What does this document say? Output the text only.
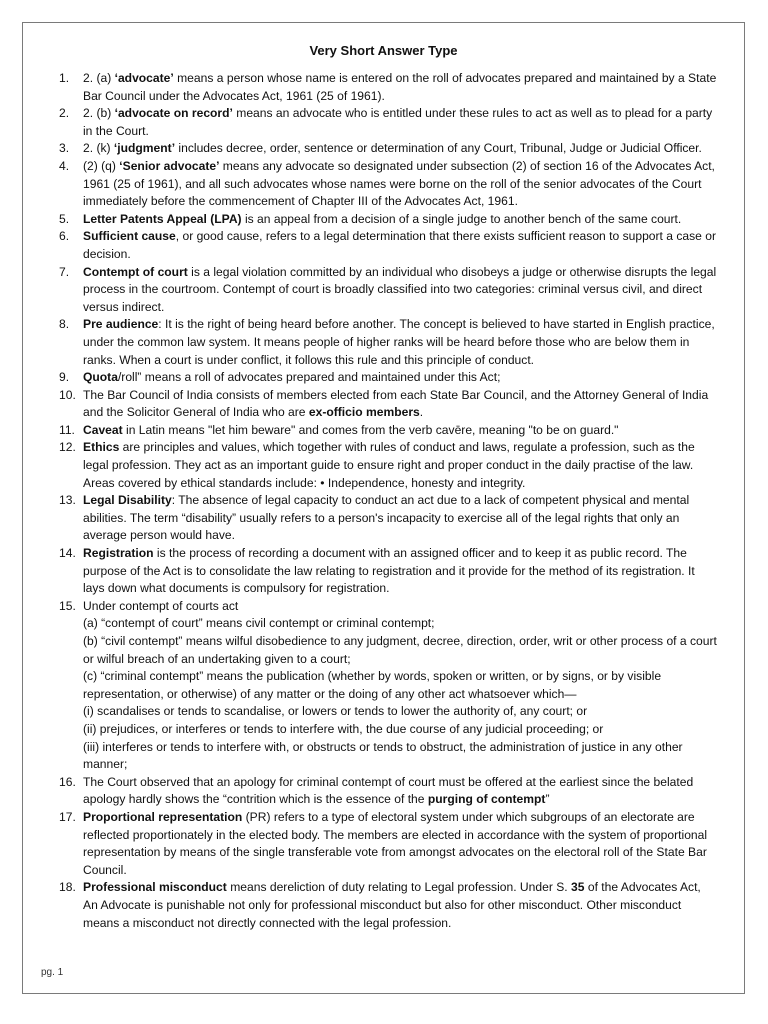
Very Short Answer Type
1.	2. (a) ‘advocate’ means a person whose name is entered on the roll of advocates prepared and maintained by a State Bar Council under the Advocates Act, 1961 (25 of 1961).
2.	2. (b) ‘advocate on record’ means an advocate who is entitled under these rules to act as well as to plead for a party in the Court.
3.	2. (k) ‘judgment’ includes decree, order, sentence or determination of any Court, Tribunal, Judge or Judicial Officer.
4.	(2) (q) ‘Senior advocate’ means any advocate so designated under subsection (2) of section 16 of the Advocates Act, 1961 (25 of 1961), and all such advocates whose names were borne on the roll of the senior advocates of the Court immediately before the commencement of Chapter III of the Advocates Act, 1961.
5.	Letter Patents Appeal (LPA) is an appeal from a decision of a single judge to another bench of the same court.
6.	Sufficient cause, or good cause, refers to a legal determination that there exists sufficient reason to support a case or decision.
7.	Contempt of court is a legal violation committed by an individual who disobeys a judge or otherwise disrupts the legal process in the courtroom. Contempt of court is broadly classified into two categories: criminal versus civil, and direct versus indirect.
8.	Pre audience: It is the right of being heard before another. The concept is believed to have started in English practice, under the common law system. It means people of higher ranks will be heard before those who are below them in ranks. When a court is under conflict, it follows this rule and this principle of conduct.
9.	Quota/roll” means a roll of advocates prepared and maintained under this Act;
10. The Bar Council of India consists of members elected from each State Bar Council, and the Attorney General of India and the Solicitor General of India who are ex-officio members.
11. Caveat in Latin means "let him beware" and comes from the verb cavēre, meaning "to be on guard."
12. Ethics are principles and values, which together with rules of conduct and laws, regulate a profession, such as the legal profession. They act as an important guide to ensure right and proper conduct in the daily practise of the law. Areas covered by ethical standards include: • Independence, honesty and integrity.
13. Legal Disability: The absence of legal capacity to conduct an act due to a lack of competent physical and mental abilities. The term “disability” usually refers to a person's incapacity to exercise all of the legal rights that only an average person would have.
14. Registration is the process of recording a document with an assigned officer and to keep it as public record. The purpose of the Act is to consolidate the law relating to registration and it provide for the method of its registration. It lays down what documents is compulsory for registration.
15. Under contempt of courts act
(a) “contempt of court” means civil contempt or criminal contempt;
(b) “civil contempt” means wilful disobedience to any judgment, decree, direction, order, writ or other process of a court or wilful breach of an undertaking given to a court;
(c) “criminal contempt” means the publication (whether by words, spoken or written, or by signs, or by visible representation, or otherwise) of any matter or the doing of any other act whatsoever which—
(i) scandalises or tends to scandalise, or lowers or tends to lower the authority of, any court; or
(ii) prejudices, or interferes or tends to interfere with, the due course of any judicial proceeding; or
(iii) interferes or tends to interfere with, or obstructs or tends to obstruct, the administration of justice in any other manner;
16. The Court observed that an apology for criminal contempt of court must be offered at the earliest since the belated apology hardly shows the “contrition which is the essence of the purging of contempt”
17. Proportional representation (PR) refers to a type of electoral system under which subgroups of an electorate are reflected proportionately in the elected body. The members are elected in accordance with the system of proportional representation by means of the single transferable vote from amongst advocates on the electoral roll of the State Bar Council.
18. Professional misconduct means dereliction of duty relating to Legal profession. Under S. 35 of the Advocates Act, An Advocate is punishable not only for professional misconduct but also for other misconduct. Other misconduct means a misconduct not directly connected with the legal profession.
pg. 1
